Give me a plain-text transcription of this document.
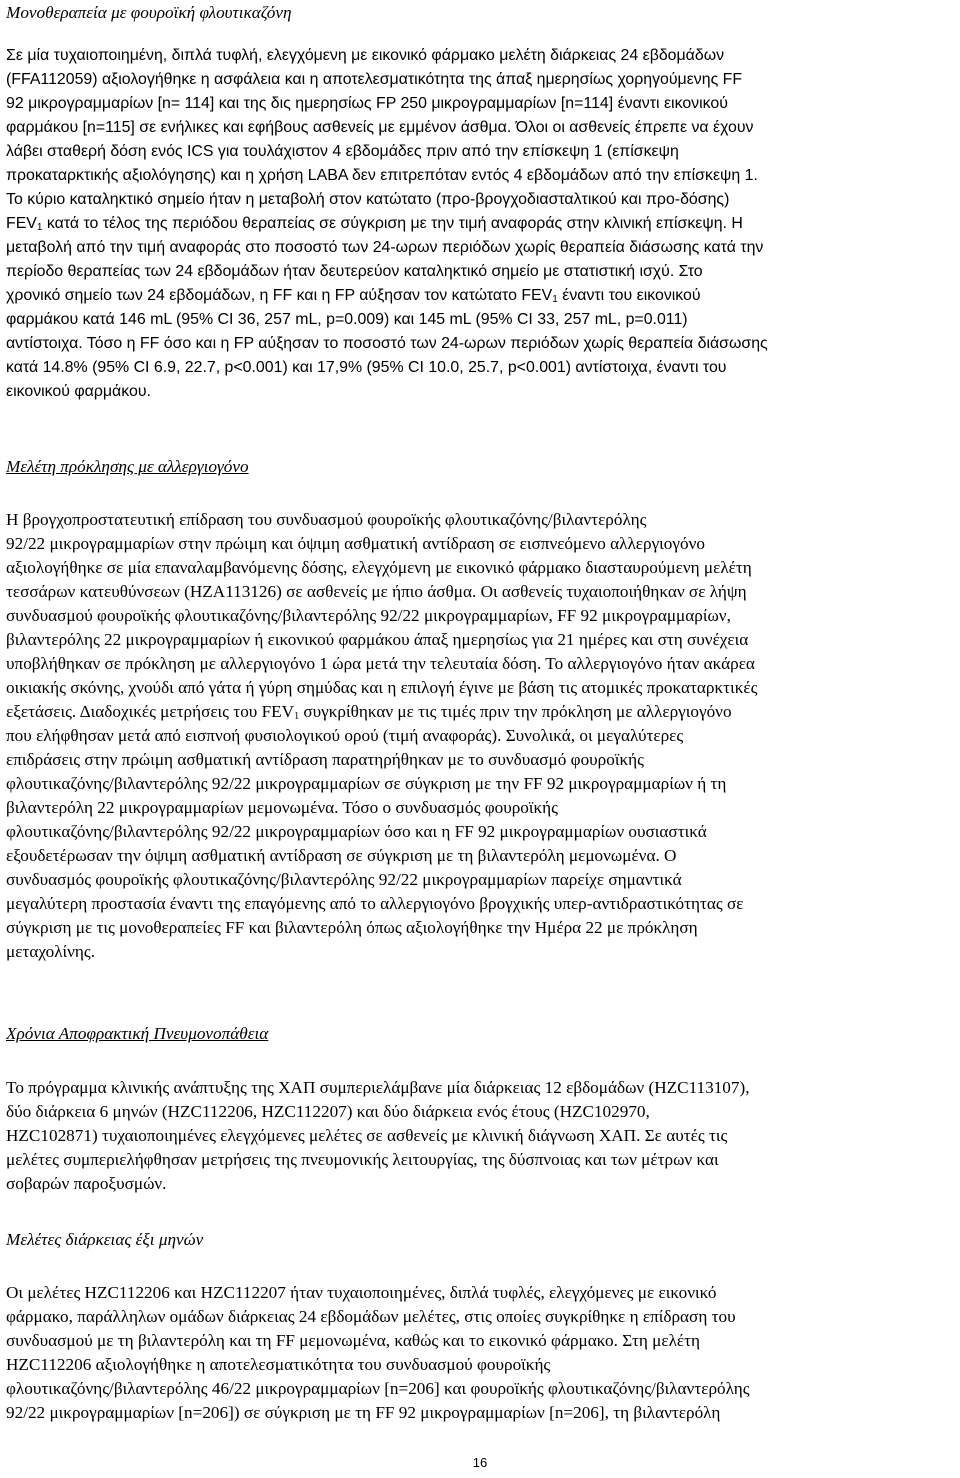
Μονοθεραπεία με φουροϊκή φλουτικαζόνη
Σε μία τυχαιοποιημένη, διπλά τυφλή, ελεγχόμενη με εικονικό φάρμακο μελέτη διάρκειας 24 εβδομάδων
(FFA112059) αξιολογήθηκε η ασφάλεια και η αποτελεσματικότητα της άπαξ ημερησίως χορηγούμενης FF
92 μικρογραμμαρίων [n= 114] και της δις ημερησίως FP 250 μικρογραμμαρίων [n=114] έναντι εικονικού
φαρμάκου [n=115] σε ενήλικες και εφήβους ασθενείς με εμμένον άσθμα. Όλοι οι ασθενείς έπρεπε να έχουν
λάβει σταθερή δόση ενός ICS για τουλάχιστον 4 εβδομάδες πριν από την επίσκεψη 1 (επίσκεψη
προκαταρκτικής αξιολόγησης) και η χρήση LABA δεν επιτρεπόταν εντός 4 εβδομάδων από την επίσκεψη 1.
Το κύριο καταληκτικό σημείο ήταν η μεταβολή στον κατώτατο (προ-βρογχοδιασταλτικού και προ-δόσης)
$FEV_1$ κατά το τέλος της περιόδου θεραπείας σε σύγκριση με την τιμή αναφοράς στην κλινική επίσκεψη. Η
μεταβολή από την τιμή αναφοράς στο ποσοστό των 24-ωρων περιόδων χωρίς θεραπεία διάσωσης κατά την
περίοδο θεραπείας των 24 εβδομάδων ήταν δευτερεύον καταληκτικό σημείο με στατιστική ισχύ. Στο
χρονικό σημείο των 24 εβδομάδων, η FF και η FP αύξησαν τον κατώτατο $FEV_1$ έναντι του εικονικού
φαρμάκου κατά 146 mL (95% CI 36, 257 mL, p=0.009) και 145 mL (95% CI 33, 257 mL, p=0.011)
αντίστοιχα. Τόσο η FF όσο και η FP αύξησαν το ποσοστό των 24-ωρων περιόδων χωρίς θεραπεία διάσωσης
κατά 14.8% (95% CI 6.9, 22.7, p<0.001) και 17,9% (95% CI 10.0, 25.7, p<0.001) αντίστοιχα, έναντι του
εικονικού φαρμάκου.
Μελέτη πρόκλησης με αλλεργιογόνο
Η βρογχοπροστατευτική επίδραση του συνδυασμού φουροϊκής φλουτικαζόνης/βιλαντερόλης
92/22 μικρογραμμαρίων στην πρώιμη και όψιμη ασθματική αντίδραση σε εισπνεόμενο αλλεργιογόνο
αξιολογήθηκε σε μία επαναλαμβανόμενης δόσης, ελεγχόμενη με εικονικό φάρμακο διασταυρούμενη μελέτη
τεσσάρων κατευθύνσεων (HZA113126) σε ασθενείς με ήπιο άσθμα. Οι ασθενείς τυχαιοποιήθηκαν σε λήψη
συνδυασμού φουροϊκής φλουτικαζόνης/βιλαντερόλης 92/22 μικρογραμμαρίων, FF 92 μικρογραμμαρίων,
βιλαντερόλης 22 μικρογραμμαρίων ή εικονικού φαρμάκου άπαξ ημερησίως για 21 ημέρες και στη συνέχεια
υποβλήθηκαν σε πρόκληση με αλλεργιογόνο 1 ώρα μετά την τελευταία δόση. Το αλλεργιογόνο ήταν ακάρεα
οικιακής σκόνης, χνούδι από γάτα ή γύρη σημύδας και η επιλογή έγινε με βάση τις ατομικές προκαταρκτικές
εξετάσεις. Διαδοχικές μετρήσεις του $FEV_1$ συγκρίθηκαν με τις τιμές πριν την πρόκληση με αλλεργιογόνο
που ελήφθησαν μετά από εισπνοή φυσιολογικού ορού (τιμή αναφοράς). Συνολικά, οι μεγαλύτερες
επιδράσεις στην πρώιμη ασθματική αντίδραση παρατηρήθηκαν με το συνδυασμό φουροϊκής
φλουτικαζόνης/βιλαντερόλης 92/22 μικρογραμμαρίων σε σύγκριση με την FF 92 μικρογραμμαρίων ή τη
βιλαντερόλη 22 μικρογραμμαρίων μεμονωμένα. Τόσο ο συνδυασμός φουροϊκής
φλουτικαζόνης/βιλαντερόλης 92/22 μικρογραμμαρίων όσο και η FF 92 μικρογραμμαρίων ουσιαστικά
εξουδετέρωσαν την όψιμη ασθματική αντίδραση σε σύγκριση με τη βιλαντερόλη μεμονωμένα. Ο
συνδυασμός φουροϊκής φλουτικαζόνης/βιλαντερόλης 92/22 μικρογραμμαρίων παρείχε σημαντικά
μεγαλύτερη προστασία έναντι της επαγόμενης από το αλλεργιογόνο βρογχικής υπερ-αντιδραστικότητας σε
σύγκριση με τις μονοθεραπείες FF και βιλαντερόλη όπως αξιολογήθηκε την Ημέρα 22 με πρόκληση
μεταχολίνης.
Χρόνια Αποφρακτική Πνευμονοπάθεια
Το πρόγραμμα κλινικής ανάπτυξης της ΧΑΠ συμπεριελάμβανε μία διάρκειας 12 εβδομάδων (HZC113107),
δύο διάρκεια 6 μηνών (HZC112206, HZC112207) και δύο διάρκεια ενός έτους (HZC102970,
HZC102871) τυχαιοποιημένες ελεγχόμενες μελέτες σε ασθενείς με κλινική διάγνωση ΧΑΠ. Σε αυτές τις
μελέτες συμπεριελήφθησαν μετρήσεις της πνευμονικής λειτουργίας, της δύσπνοιας και των μέτρων και
σοβαρών παροξυσμών.
Μελέτες διάρκειας έξι μηνών
Οι μελέτες HZC112206 και HZC112207 ήταν τυχαιοποιημένες, διπλά τυφλές, ελεγχόμενες με εικονικό
φάρμακο, παράλληλων ομάδων διάρκειας 24 εβδομάδων μελέτες, στις οποίες συγκρίθηκε η επίδραση του
συνδυασμού με τη βιλαντερόλη και τη FF μεμονωμένα, καθώς και το εικονικό φάρμακο. Στη μελέτη
HZC112206 αξιολογήθηκε η αποτελεσματικότητα του συνδυασμού φουροϊκής
φλουτικαζόνης/βιλαντερόλης 46/22 μικρογραμμαρίων [n=206] και φουροϊκής φλουτικαζόνης/βιλαντερόλης
92/22 μικρογραμμαρίων [n=206]) σε σύγκριση με τη FF 92 μικρογραμμαρίων [n=206], τη βιλαντερόλη
16
